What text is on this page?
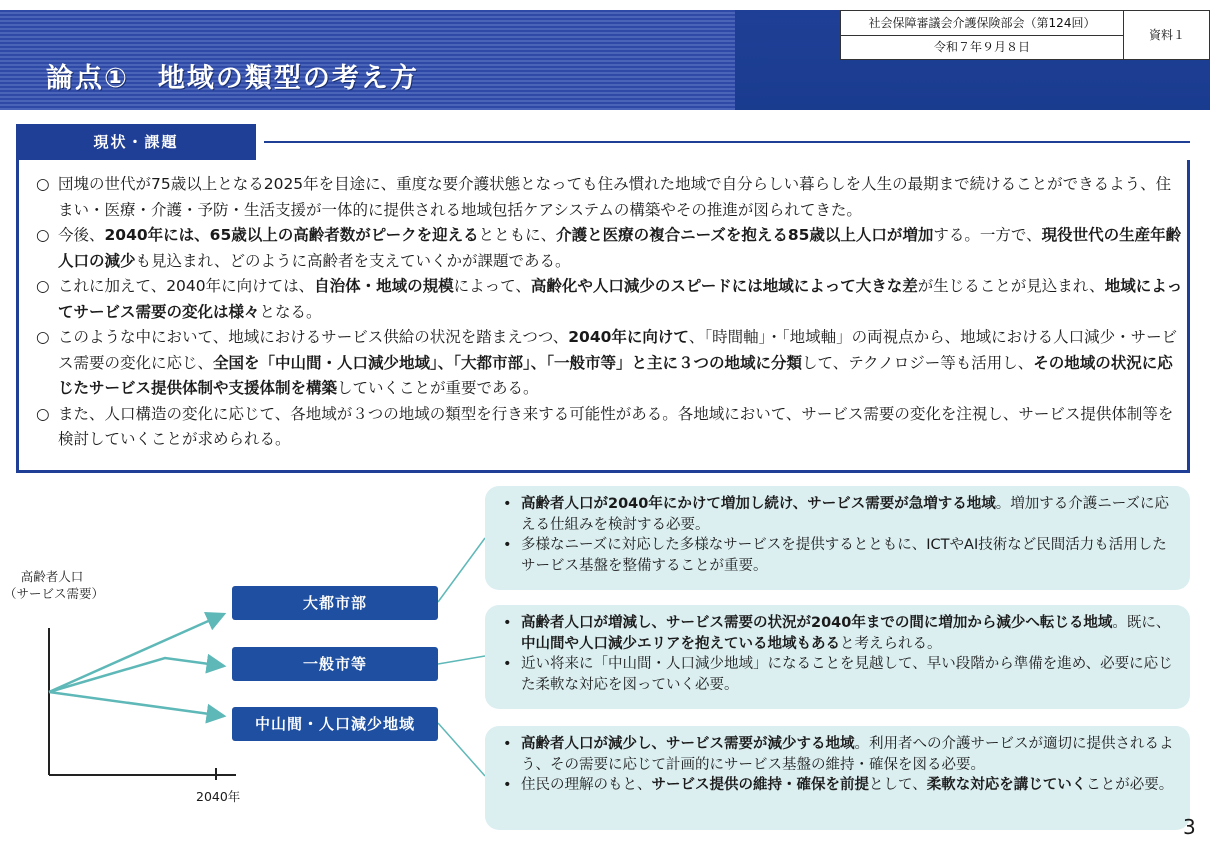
論点①　地域の類型の考え方
社会保障審議会介護保険部会（第124回）
令和７年９月８日
資料１
現状・課題
○ 団塊の世代が75歳以上となる2025年を目途に、重度な要介護状態となっても住み慣れた地域で自分らしい暮らしを人生の最期まで続けることができるよう、住まい・医療・介護・予防・生活支援が一体的に提供される地域包括ケアシステムの構築やその推進が図られてきた。
○ 今後、2040年には、65歳以上の高齢者数がピークを迎えるとともに、介護と医療の複合ニーズを抱える85歳以上人口が増加する。一方で、現役世代の生産年齢人口の減少も見込まれ、どのように高齢者を支えていくかが課題である。
○ これに加えて、2040年に向けては、自治体・地域の規模によって、高齢化や人口減少のスピードには地域によって大きな差が生じることが見込まれ、地域によってサービス需要の変化は様々となる。
○ このような中において、地域におけるサービス供給の状況を踏まえつつ、2040年に向けて、「時間軸」・「地域軸」の両視点から、地域における人口減少・サービス需要の変化に応じ、全国を「中山間・人口減少地域」、「大都市部」、「一般市等」と主に３つの地域に分類して、テクノロジー等も活用し、その地域の状況に応じたサービス提供体制や支援体制を構築していくことが重要である。
○ また、人口構造の変化に応じて、各地域が３つの地域の類型を行き来する可能性がある。各地域において、サービス需要の変化を注視し、サービス提供体制等を検討していくことが求められる。
高齢者人口
（サービス需要）
2040年
大都市部
一般市等
中山間・人口減少地域
• 高齢者人口が2040年にかけて増加し続け、サービス需要が急増する地域。増加する介護ニーズに応える仕組みを検討する必要。
• 多様なニーズに対応した多様なサービスを提供するとともに、ICTやAI技術など民間活力も活用したサービス基盤を整備することが重要。
• 高齢者人口が増減し、サービス需要の状況が2040年までの間に増加から減少へ転じる地域。既に、中山間や人口減少エリアを抱えている地域もあると考えられる。
• 近い将来に「中山間・人口減少地域」になることを見越して、早い段階から準備を進め、必要に応じた柔軟な対応を図っていく必要。
• 高齢者人口が減少し、サービス需要が減少する地域。利用者への介護サービスが適切に提供されるよう、その需要に応じて計画的にサービス基盤の維持・確保を図る必要。
• 住民の理解のもと、サービス提供の維持・確保を前提として、柔軟な対応を講じていくことが必要。
3
